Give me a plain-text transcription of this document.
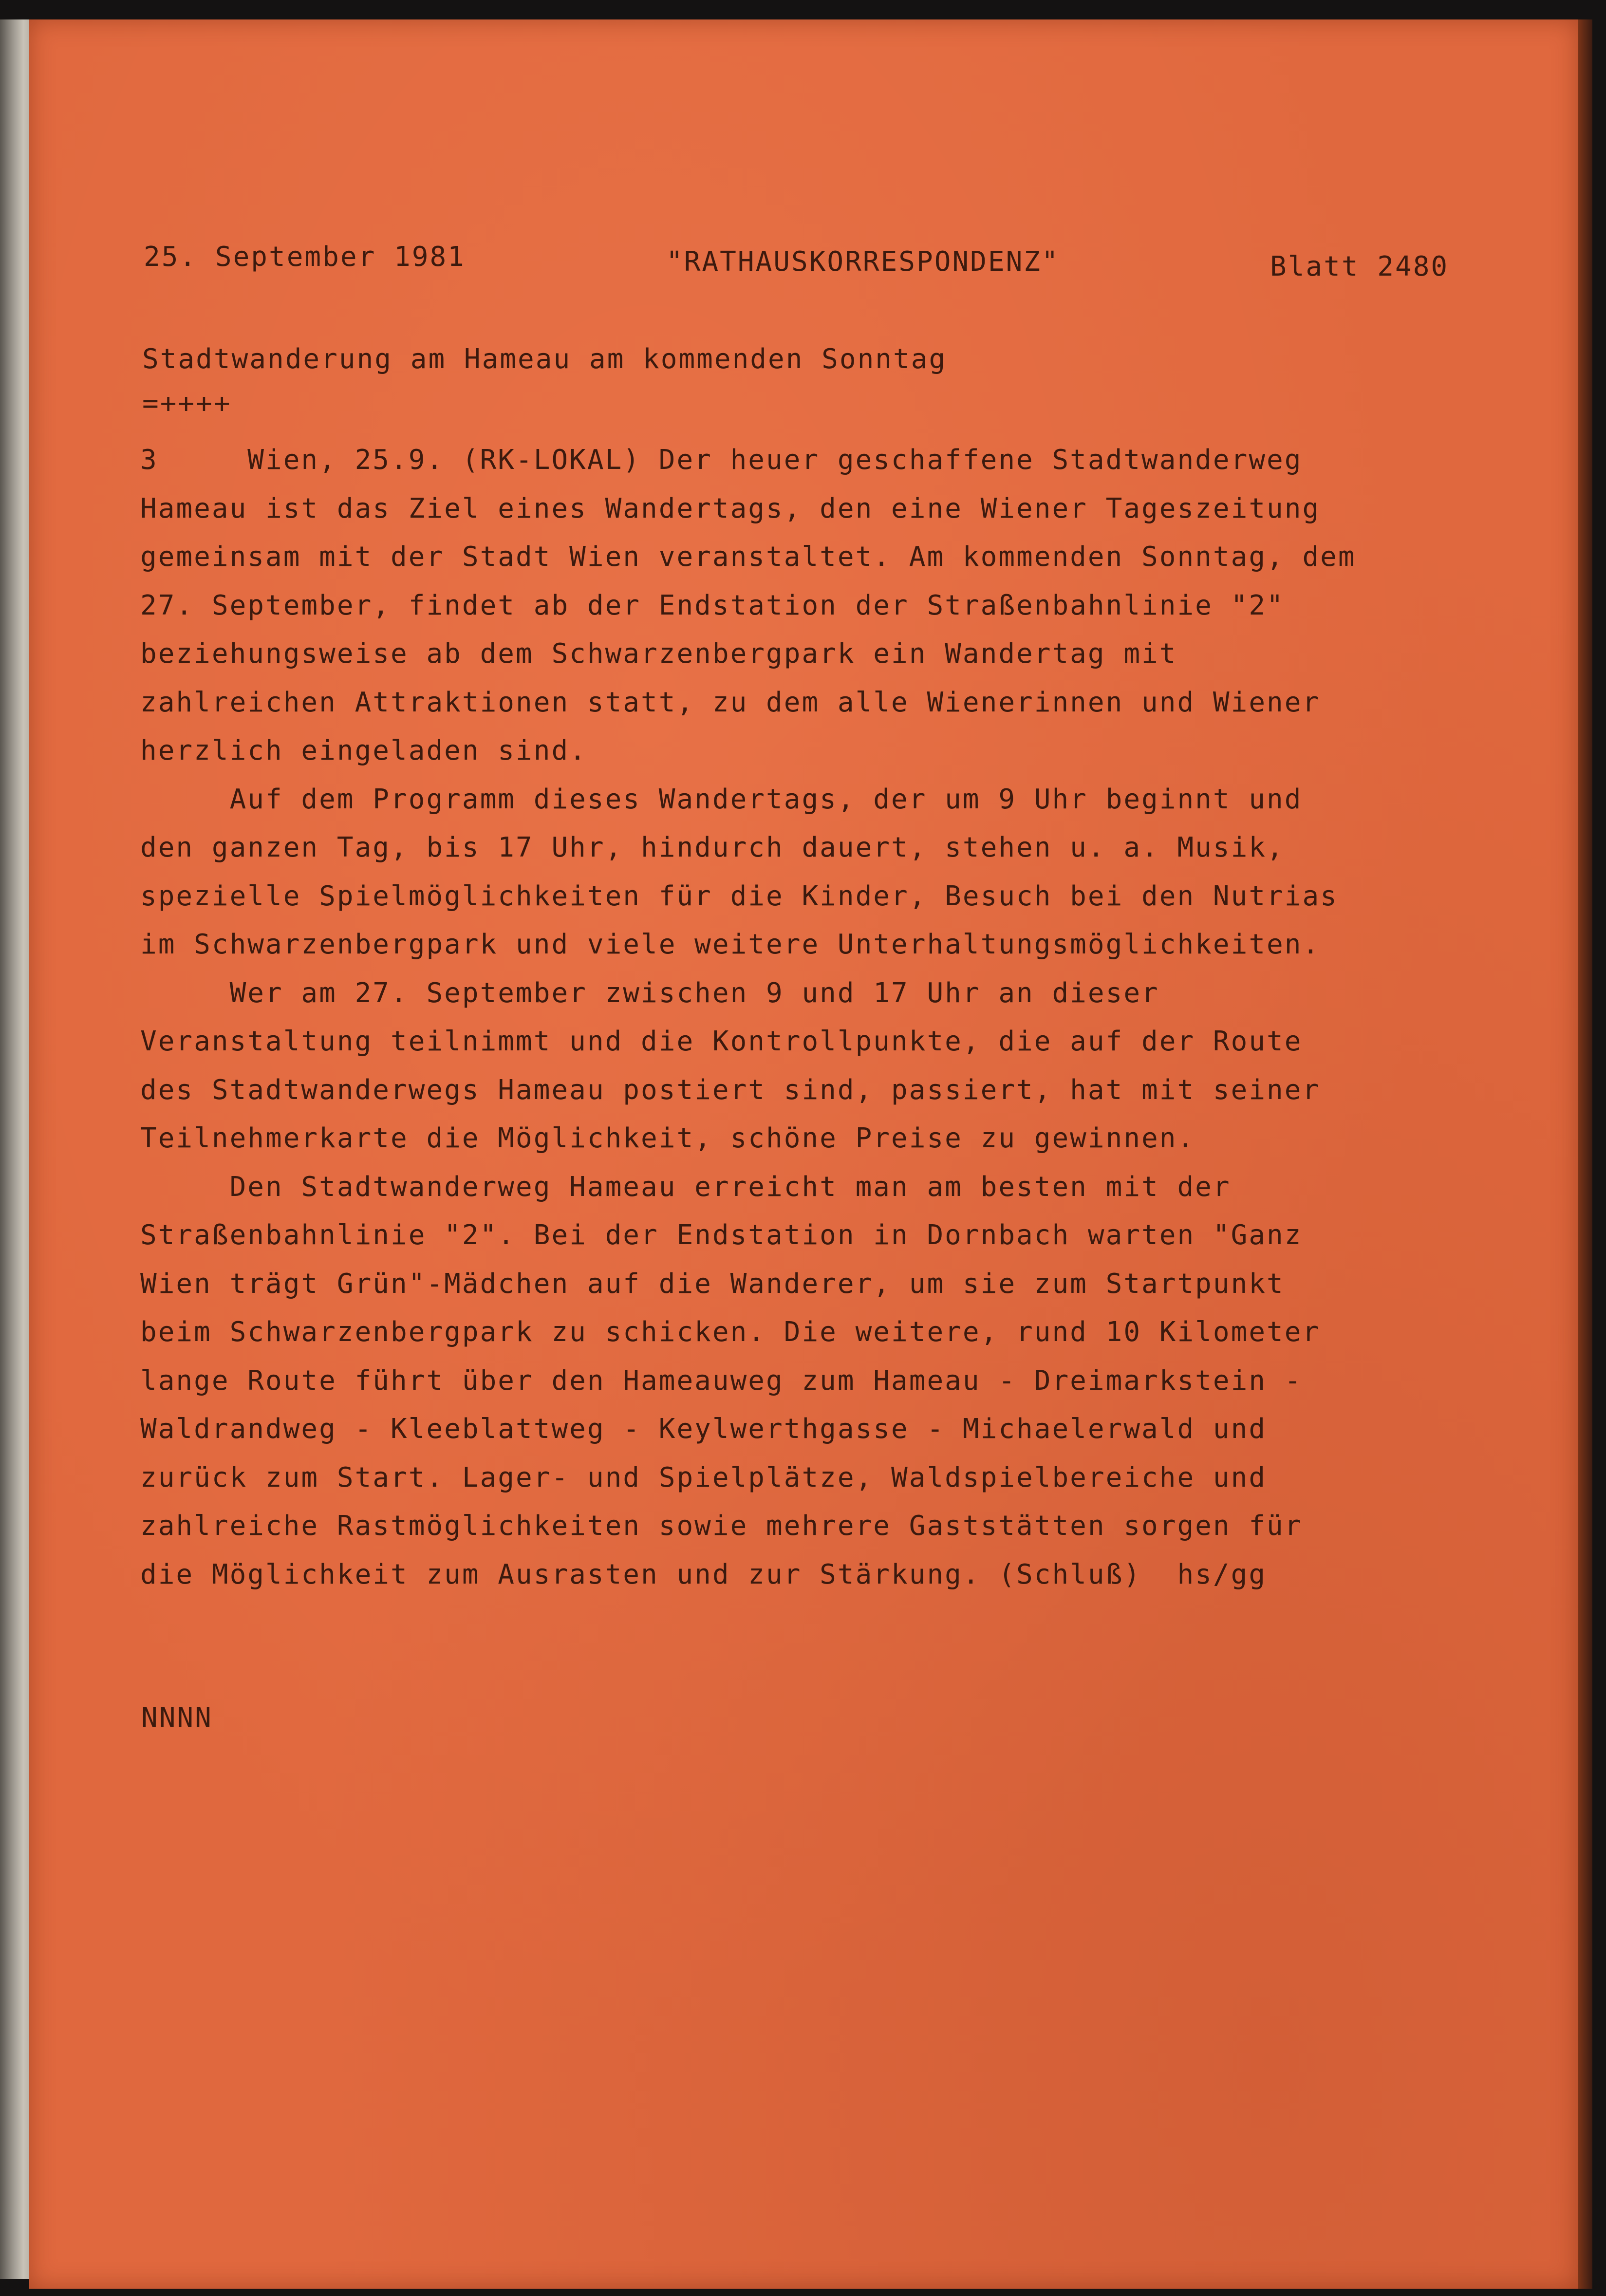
25. September 1981	"RATHAUSKORRESPONDENZ"	Blatt 2480

Stadtwanderung am Hameau am kommenden Sonntag

=++++

3     Wien, 25.9. (RK-LOKAL) Der heuer geschaffene Stadtwanderweg
Hameau ist das Ziel eines Wandertags, den eine Wiener Tageszeitung
gemeinsam mit der Stadt Wien veranstaltet. Am kommenden Sonntag, dem
27. September, findet ab der Endstation der Straßenbahnlinie "2"
beziehungsweise ab dem Schwarzenbergpark ein Wandertag mit
zahlreichen Attraktionen statt, zu dem alle Wienerinnen und Wiener
herzlich eingeladen sind.
Auf dem Programm dieses Wandertags, der um 9 Uhr beginnt und
den ganzen Tag, bis 17 Uhr, hindurch dauert, stehen u. a. Musik,
spezielle Spielmöglichkeiten für die Kinder, Besuch bei den Nutrias
im Schwarzenbergpark und viele weitere Unterhaltungsmöglichkeiten.
Wer am 27. September zwischen 9 und 17 Uhr an dieser
Veranstaltung teilnimmt und die Kontrollpunkte, die auf der Route
des Stadtwanderwegs Hameau postiert sind, passiert, hat mit seiner
Teilnehmerkarte die Möglichkeit, schöne Preise zu gewinnen.
Den Stadtwanderweg Hameau erreicht man am besten mit der
Straßenbahnlinie "2". Bei der Endstation in Dornbach warten "Ganz
Wien trägt Grün"-Mädchen auf die Wanderer, um sie zum Startpunkt
beim Schwarzenbergpark zu schicken. Die weitere, rund 10 Kilometer
lange Route führt über den Hameauweg zum Hameau - Dreimarkstein -
Waldrandweg - Kleeblattweg - Keylwerthgasse - Michaelerwald und
zurück zum Start. Lager- und Spielplätze, Waldspielbereiche und
zahlreiche Rastmöglichkeiten sowie mehrere Gaststätten sorgen für
die Möglichkeit zum Ausrasten und zur Stärkung. (Schluß)  hs/gg

NNNN
